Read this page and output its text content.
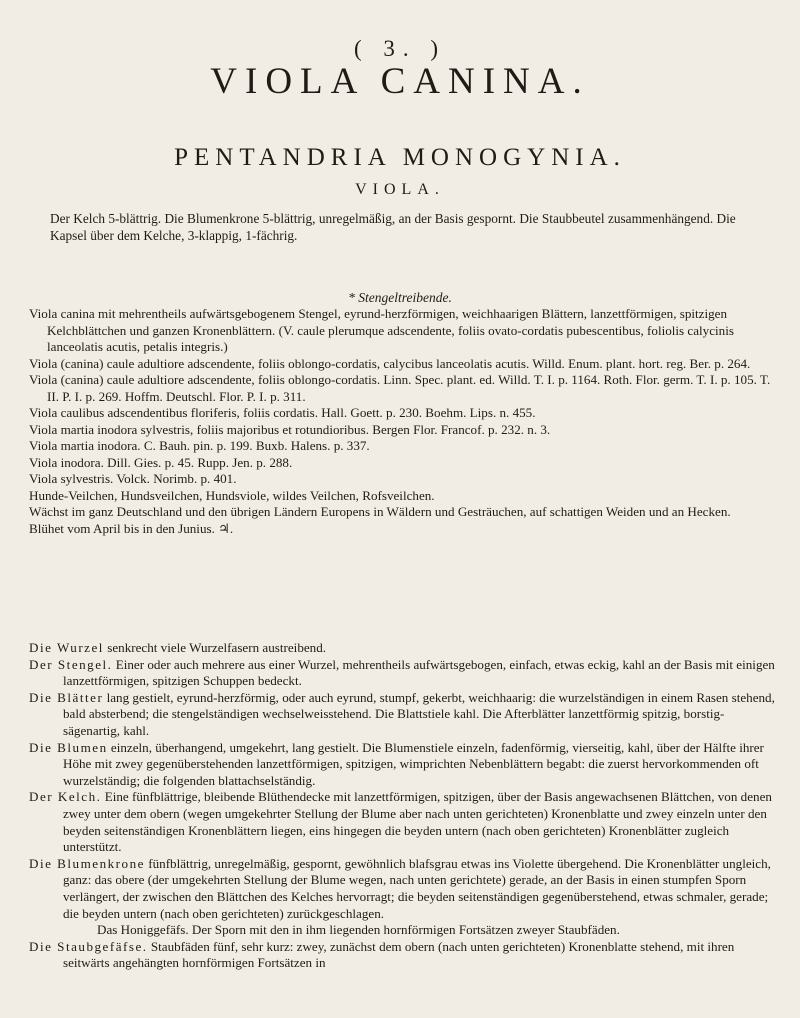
( 3. )
VIOLA CANINA.
PENTANDRIA MONOGYNIA.
VIOLA.
Der Kelch 5-blättrig. Die Blumenkrone 5-blättrig, unregelmäßig, an der Basis gespornt. Die Staubbeutel zusammenhängend. Die Kapsel über dem Kelche, 3-klappig, 1-fächrig.
* Stengeltreibende.
Viola canina mit mehrentheils aufwärtsgebogenem Stengel, eyrund-herzförmigen, weichhaarigen Blättern, lanzettförmigen, spitzigen Kelchblättchen und ganzen Kronenblättern. (V. caule plerumque adscendente, foliis ovato-cordatis pubescentibus, foliolis calycinis lanceolatis acutis, petalis integris.)
Viola (canina) caule adultiore adscendente, foliis oblongo-cordatis, calycibus lanceolatis acutis. Willd. Enum. plant. hort. reg. Ber. p. 264.
Viola (canina) caule adultiore adscendente, foliis oblongo-cordatis. Linn. Spec. plant. ed. Willd. T. I. p. 1164. Roth. Flor. germ. T. I. p. 105. T. II. P. I. p. 269. Hoffm. Deutschl. Flor. P. I. p. 311.
Viola caulibus adscendentibus floriferis, foliis cordatis. Hall. Goett. p. 230. Boehm. Lips. n. 455.
Viola martia inodora sylvestris, foliis majoribus et rotundioribus. Bergen Flor. Francof. p. 232. n. 3.
Viola martia inodora. C. Bauh. pin. p. 199. Buxb. Halens. p. 337.
Viola inodora. Dill. Gies. p. 45. Rupp. Jen. p. 288.
Viola sylvestris. Volck. Norimb. p. 401.
Hunde-Veilchen, Hundsveilchen, Hundsviole, wildes Veilchen, Rofsveilchen.
Wächst im ganz Deutschland und den übrigen Ländern Europens in Wäldern und Gesträuchen, auf schattigen Weiden und an Hecken.
Blühet vom April bis in den Junius. ♃.

Die Wurzel senkrecht viele Wurzelfasern austreibend.

Der Stengel. Einer oder auch mehrere aus einer Wurzel, mehrentheils aufwärtsgebogen, einfach, etwas eckig, kahl an der Basis mit einigen lanzettförmigen, spitzigen Schuppen bedeckt.

Die Blätter lang gestielt, eyrund-herzförmig, oder auch eyrund, stumpf, gekerbt, weichhaarig: die wurzelständigen in einem Rasen stehend, bald absterbend; die stengelständigen wechselweisstehend. Die Blattstiele kahl. Die Afterblätter lanzettförmig spitzig, borstig-sägenartig, kahl.

Die Blumen einzeln, überhangend, umgekehrt, lang gestielt. Die Blumenstiele einzeln, fadenförmig, vierseitig, kahl, über der Hälfte ihrer Höhe mit zwey gegenüberstehenden lanzettförmigen, spitzigen, wimprichten Nebenblättern begabt: die zuerst hervorkommenden oft wurzelständig; die folgenden blattachselständig.

Der Kelch. Eine fünfblättrige, bleibende Blüthendecke mit lanzettförmigen, spitzigen, über der Basis angewachsenen Blättchen, von denen zwey unter dem obern (wegen umgekehrter Stellung der Blume aber nach unten gerichteten) Kronenblatte und zwey einzeln unter den beyden seitenständigen Kronenblättern liegen, eins hingegen die beyden untern (nach oben gerichteten) Kronenblätter zugleich unterstützt.

Die Blumenkrone fünfblättrig, unregelmäßig, gespornt, gewöhnlich blafsgrau etwas ins Violette übergehend. Die Kronenblätter ungleich, ganz: das obere (der umgekehrten Stellung der Blume wegen, nach unten gerichtete) gerade, an der Basis in einen stumpfen Sporn verlängert, der zwischen den Blättchen des Kelches hervorragt; die beyden seitenständigen gegenüberstehend, etwas schmaler, gerade; die beyden untern (nach oben gerichteten) zurückgeschlagen.

Das Honiggefäfs. Der Sporn mit den in ihm liegenden hornförmigen Fortsätzen zweyer Staubfäden.

Die Staubgefäfse. Staubfäden fünf, sehr kurz: zwey, zunächst dem obern (nach unten gerichteten) Kronenblatte stehend, mit ihren seitwärts angehängten hornförmigen Fortsätzen in
